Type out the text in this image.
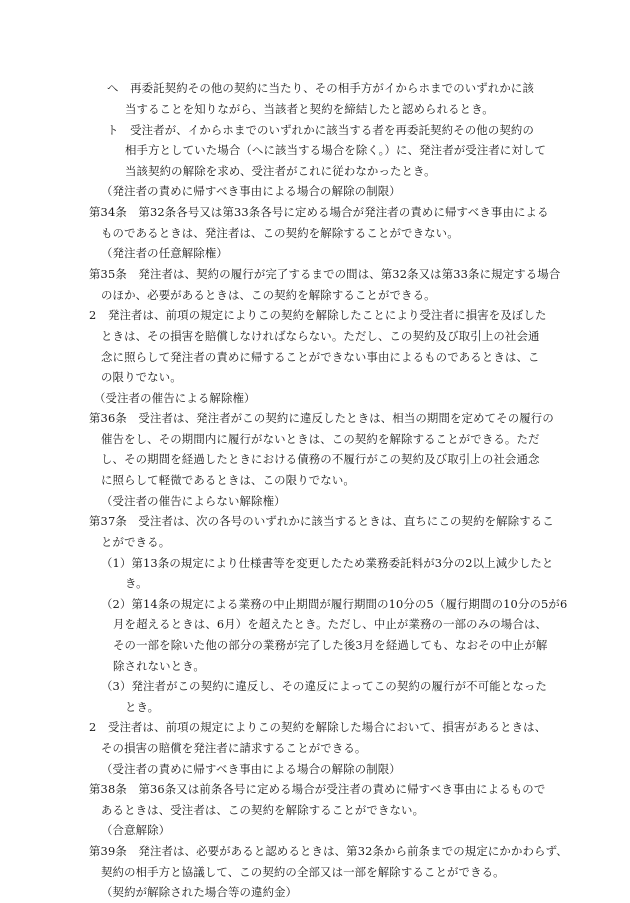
へ　再委託契約その他の契約に当たり、その相手方がイからホまでのいずれかに該
当することを知りながら、当該者と契約を締結したと認められるとき。
ト　受注者が、イからホまでのいずれかに該当する者を再委託契約その他の契約の
相手方としていた場合（へに該当する場合を除く。）に、発注者が受注者に対して
当該契約の解除を求め、受注者がこれに従わなかったとき。
（発注者の責めに帰すべき事由による場合の解除の制限）
第34条　第32条各号又は第33条各号に定める場合が発注者の責めに帰すべき事由による
ものであるときは、発注者は、この契約を解除することができない。
（発注者の任意解除権）
第35条　発注者は、契約の履行が完了するまでの間は、第32条又は第33条に規定する場合
のほか、必要があるときは、この契約を解除することができる。
2　発注者は、前項の規定によりこの契約を解除したことにより受注者に損害を及ぼした
ときは、その損害を賠償しなければならない。ただし、この契約及び取引上の社会通
念に照らして発注者の責めに帰することができない事由によるものであるときは、こ
の限りでない。
（受注者の催告による解除権）
第36条　受注者は、発注者がこの契約に違反したときは、相当の期間を定めてその履行の
催告をし、その期間内に履行がないときは、この契約を解除することができる。ただ
し、その期間を経過したときにおける債務の不履行がこの契約及び取引上の社会通念
に照らして軽微であるときは、この限りでない。
（受注者の催告によらない解除権）
第37条　受注者は、次の各号のいずれかに該当するときは、直ちにこの契約を解除するこ
とができる。
（1）第13条の規定により仕様書等を変更したため業務委託料が3分の2以上減少したと
き。
（2）第14条の規定による業務の中止期間が履行期間の10分の5（履行期間の10分の5が6
月を超えるときは、6月）を超えたとき。ただし、中止が業務の一部のみの場合は、
その一部を除いた他の部分の業務が完了した後3月を経過しても、なおその中止が解
除されないとき。
（3）発注者がこの契約に違反し、その違反によってこの契約の履行が不可能となった
とき。
2　受注者は、前項の規定によりこの契約を解除した場合において、損害があるときは、
その損害の賠償を発注者に請求することができる。
（受注者の責めに帰すべき事由による場合の解除の制限）
第38条　第36条又は前条各号に定める場合が受注者の責めに帰すべき事由によるもので
あるときは、受注者は、この契約を解除することができない。
（合意解除）
第39条　発注者は、必要があると認めるときは、第32条から前条までの規定にかかわらず、
契約の相手方と協議して、この契約の全部又は一部を解除することができる。
（契約が解除された場合等の違約金）
